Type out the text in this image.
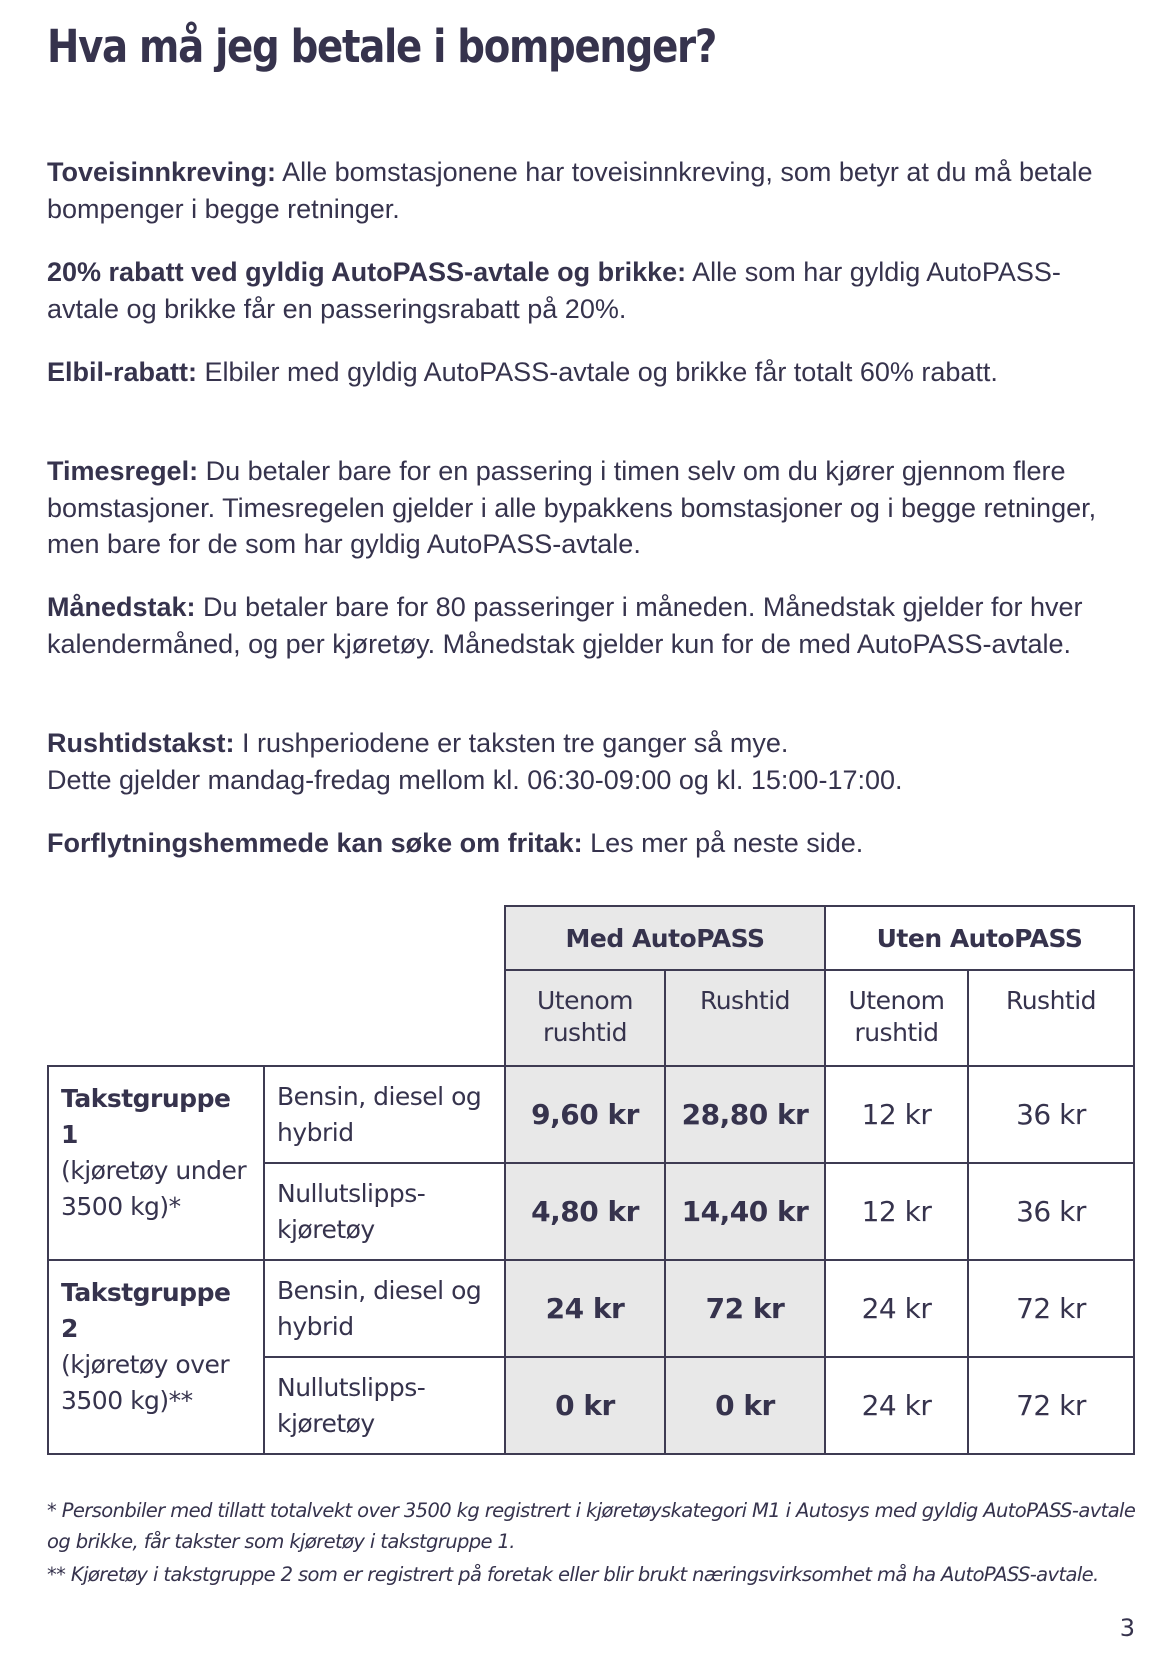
Hva må jeg betale i bompenger?

Toveisinnkreving: Alle bomstasjonene har toveisinnkreving, som betyr at du må betale bompenger i begge retninger.

20% rabatt ved gyldig AutoPASS-avtale og brikke: Alle som har gyldig AutoPASS-avtale og brikke får en passeringsrabatt på 20%.

Elbil-rabatt: Elbiler med gyldig AutoPASS-avtale og brikke får totalt 60% rabatt.

Timesregel: Du betaler bare for en passering i timen selv om du kjører gjennom flere bomstasjoner. Timesregelen gjelder i alle bypakkens bomstasjoner og i begge retninger, men bare for de som har gyldig AutoPASS-avtale.

Månedstak: Du betaler bare for 80 passeringer i måneden. Månedstak gjelder for hver kalendermåned, og per kjøretøy. Månedstak gjelder kun for de med AutoPASS-avtale.

Rushtidstakst: I rushperiodene er taksten tre ganger så mye.
Dette gjelder mandag-fredag mellom kl. 06:30-09:00 og kl. 15:00-17:00.

Forflytningshemmede kan søke om fritak: Les mer på neste side.

		Med AutoPASS		Uten AutoPASS	
		Utenom rushtid	Rushtid	Utenom rushtid	Rushtid
Takstgruppe 1
(kjøretøy under 3500 kg)*	Bensin, diesel og hybrid	9,60 kr	28,80 kr	12 kr	36 kr
	Nullutslipps-kjøretøy	4,80 kr	14,40 kr	12 kr	36 kr
Takstgruppe 2
(kjøretøy over 3500 kg)**	Bensin, diesel og hybrid	24 kr	72 kr	24 kr	72 kr
	Nullutslipps-kjøretøy	0 kr	0 kr	24 kr	72 kr

* Personbiler med tillatt totalvekt over 3500 kg registrert i kjøretøyskategori M1 i Autosys med gyldig AutoPASS-avtale og brikke, får takster som kjøretøy i takstgruppe 1.

** Kjøretøy i takstgruppe 2 som er registrert på foretak eller blir brukt næringsvirksomhet må ha AutoPASS-avtale.

3
